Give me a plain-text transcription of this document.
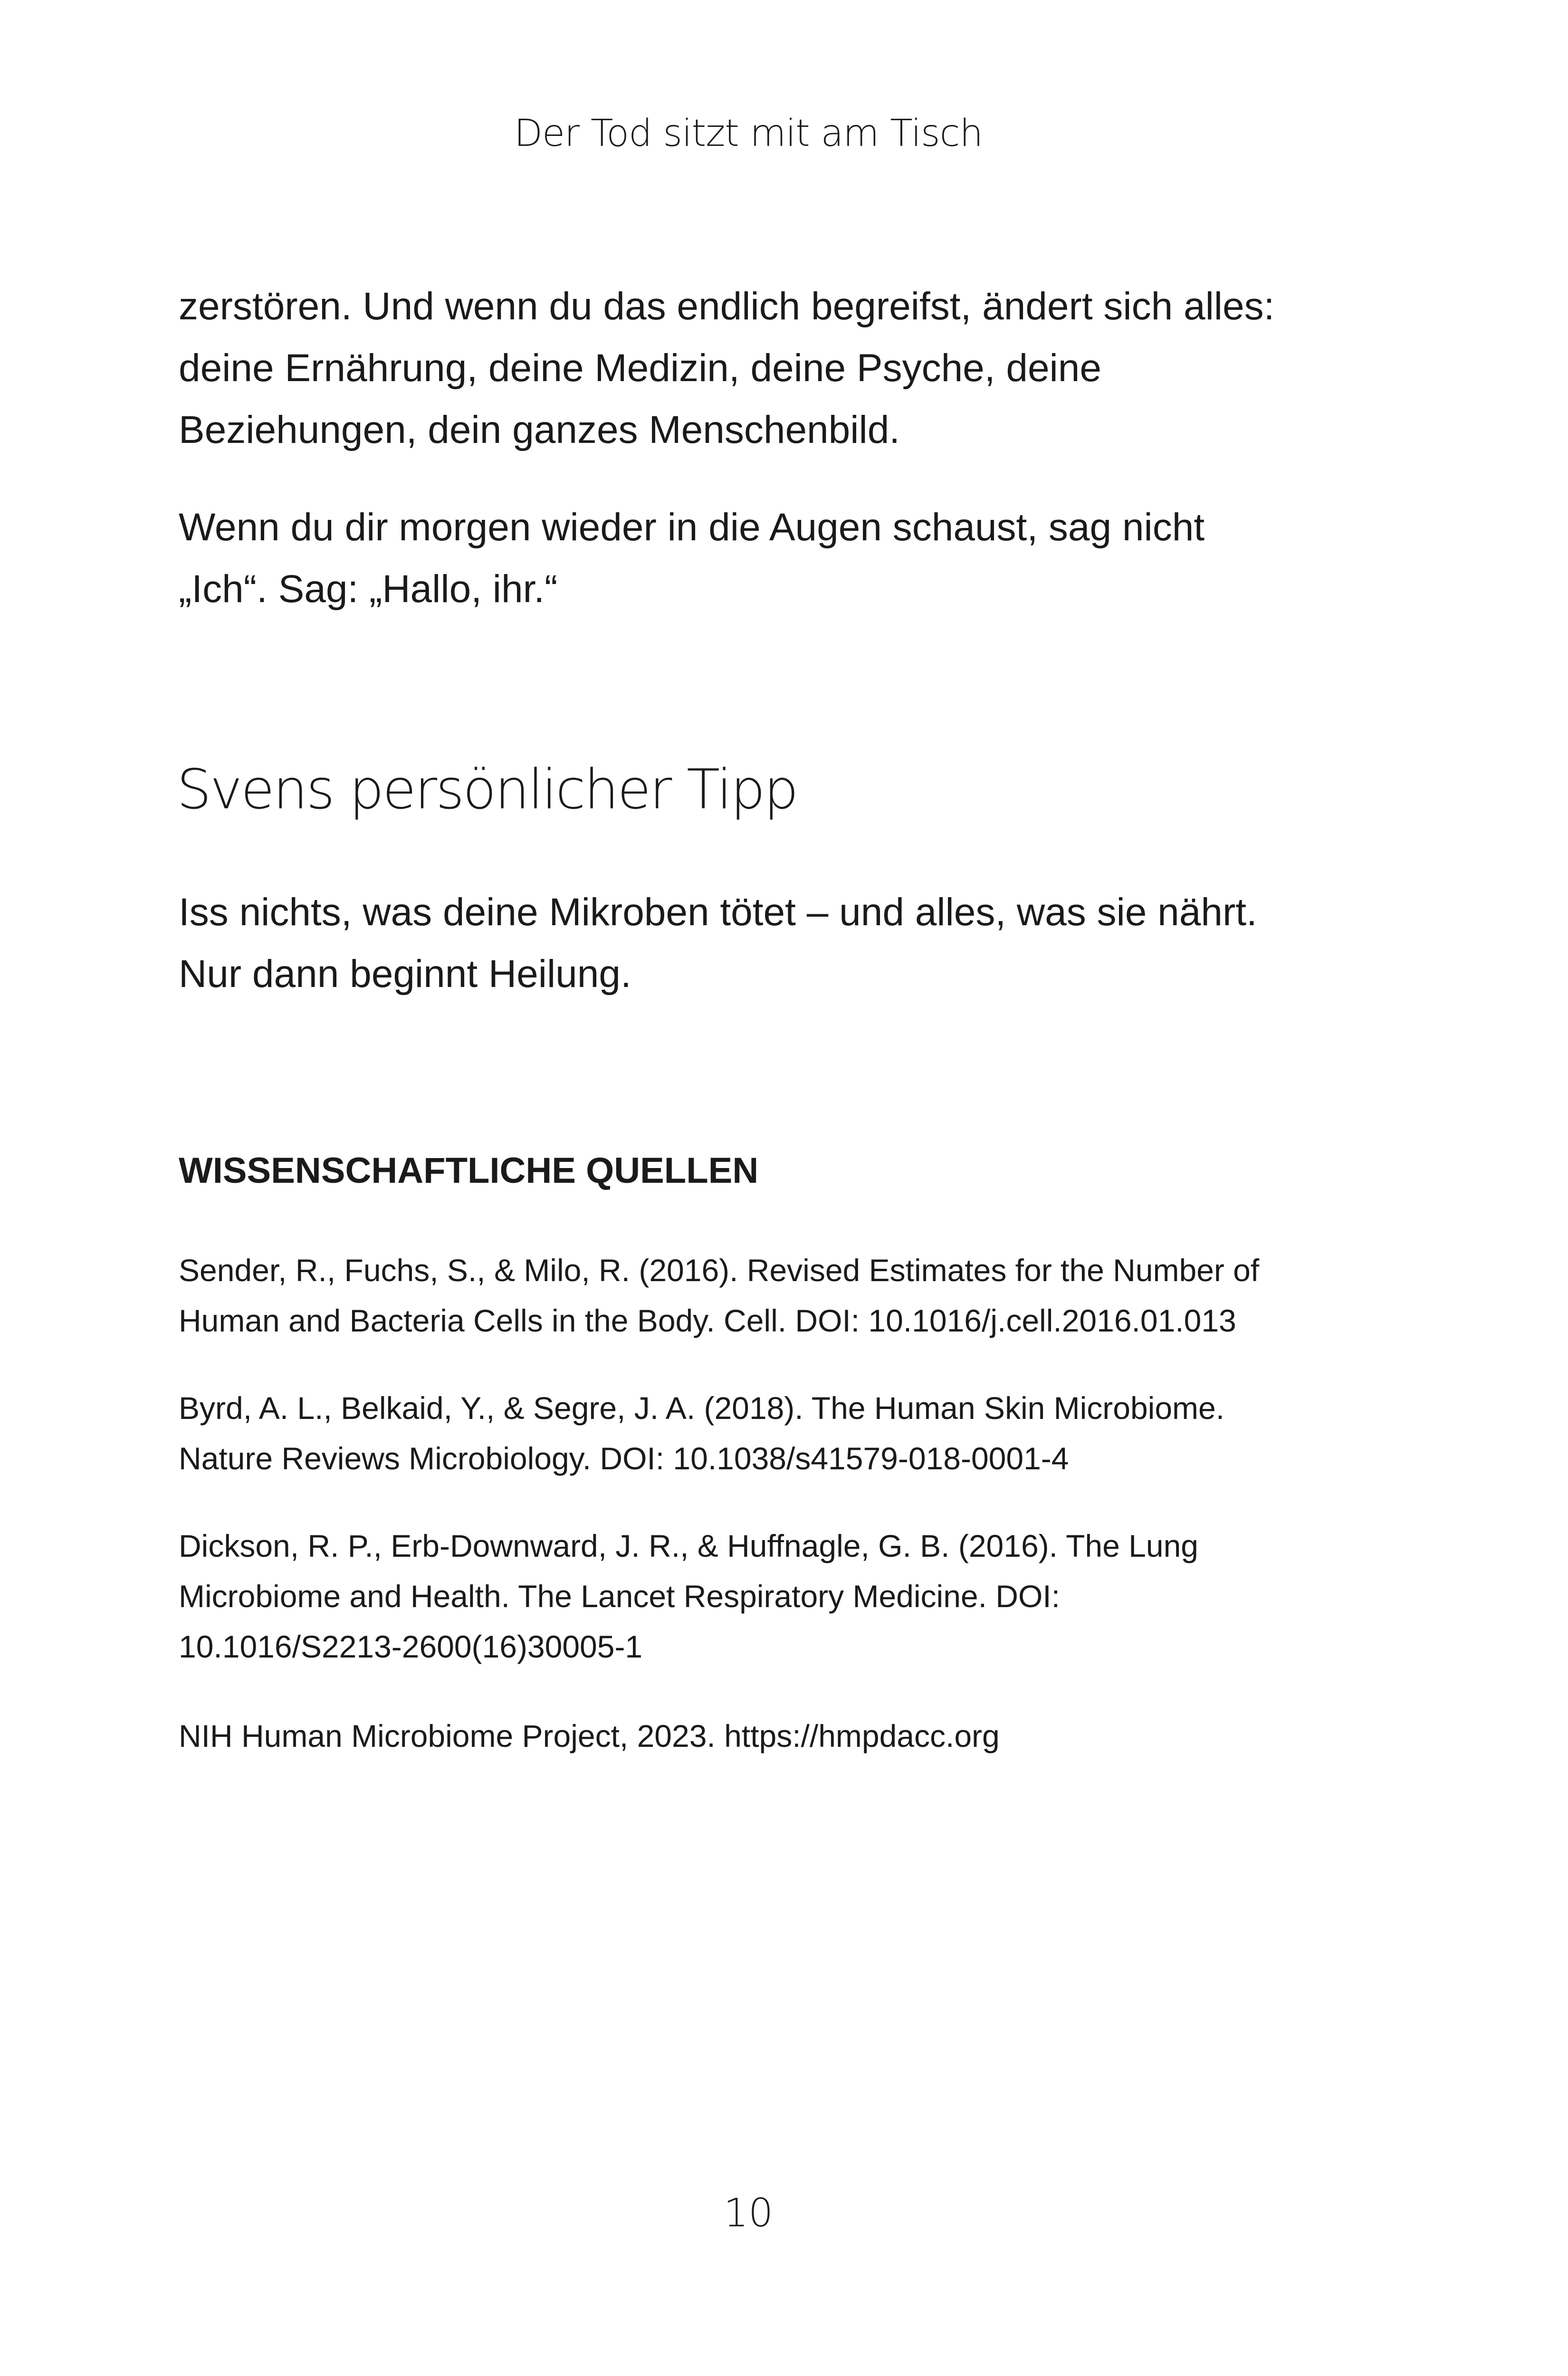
Der Tod sitzt mit am Tisch

zerstören. Und wenn du das endlich begreifst, ändert sich alles:
deine Ernährung, deine Medizin, deine Psyche, deine
Beziehungen, dein ganzes Menschenbild.

Wenn du dir morgen wieder in die Augen schaust, sag nicht
„Ich“. Sag: „Hallo, ihr.“

Svens persönlicher Tipp

Iss nichts, was deine Mikroben tötet – und alles, was sie nährt.
Nur dann beginnt Heilung.

WISSENSCHAFTLICHE QUELLEN

Sender, R., Fuchs, S., & Milo, R. (2016). Revised Estimates for the Number of
Human and Bacteria Cells in the Body. Cell. DOI: 10.1016/j.cell.2016.01.013

Byrd, A. L., Belkaid, Y., & Segre, J. A. (2018). The Human Skin Microbiome.
Nature Reviews Microbiology. DOI: 10.1038/s41579-018-0001-4

Dickson, R. P., Erb-Downward, J. R., & Huffnagle, G. B. (2016). The Lung
Microbiome and Health. The Lancet Respiratory Medicine. DOI:
10.1016/S2213-2600(16)30005-1

NIH Human Microbiome Project, 2023. https://hmpdacc.org

10
